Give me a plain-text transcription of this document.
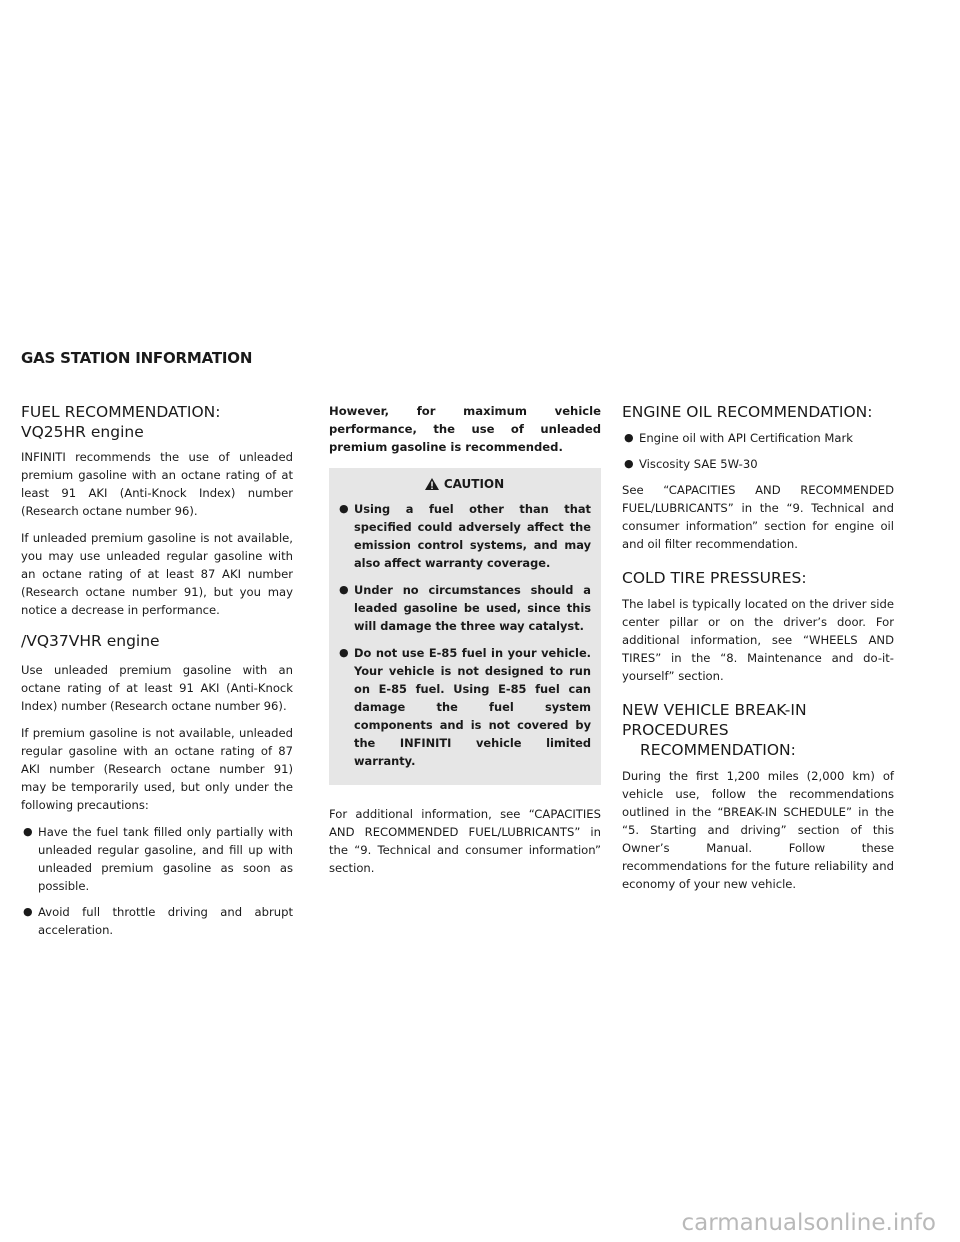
GAS STATION INFORMATION
FUEL RECOMMENDATION:
VQ25HR engine

INFINITI recommends the use of unleaded premium gasoline with an octane rating of at least 91 AKI (Anti-Knock Index) number (Research octane number 96).

If unleaded premium gasoline is not available, you may use unleaded regular gasoline with an octane rating of at least 87 AKI number (Research octane number 91), but you may notice a decrease in performance.

/VQ37VHR engine

Use unleaded premium gasoline with an octane rating of at least 91 AKI (Anti-Knock Index) number (Research octane number 96).

If premium gasoline is not available, unleaded regular gasoline with an octane rating of 87 AKI number (Research octane number 91) may be temporarily used, but only under the following precautions:

● Have the fuel tank filled only partially with unleaded regular gasoline, and fill up with unleaded premium gasoline as soon as possible.
● Avoid full throttle driving and abrupt acceleration.

However, for maximum vehicle performance, the use of unleaded premium gasoline is recommended.

CAUTION
● Using a fuel other than that specified could adversely affect the emission control systems, and may also affect warranty coverage.
● Under no circumstances should a leaded gasoline be used, since this will damage the three way catalyst.
● Do not use E-85 fuel in your vehicle. Your vehicle is not designed to run on E-85 fuel. Using E-85 fuel can damage the fuel system components and is not covered by the INFINITI vehicle limited warranty.

For additional information, see “CAPACITIES AND RECOMMENDED FUEL/LUBRICANTS” in the “9. Technical and consumer information” section.

ENGINE OIL RECOMMENDATION:
● Engine oil with API Certification Mark
● Viscosity SAE 5W-30

See “CAPACITIES AND RECOMMENDED FUEL/LUBRICANTS” in the “9. Technical and consumer information” section for engine oil and oil filter recommendation.

COLD TIRE PRESSURES:

The label is typically located on the driver side center pillar or on the driver’s door. For additional information, see “WHEELS AND TIRES” in the “8. Maintenance and do-it-yourself” section.

NEW VEHICLE BREAK-IN PROCEDURES
RECOMMENDATION:

During the first 1,200 miles (2,000 km) of vehicle use, follow the recommendations outlined in the “BREAK-IN SCHEDULE” in the “5. Starting and driving” section of this Owner’s Manual. Follow these recommendations for the future reliability and economy of your new vehicle.

carmanualsonline.info
